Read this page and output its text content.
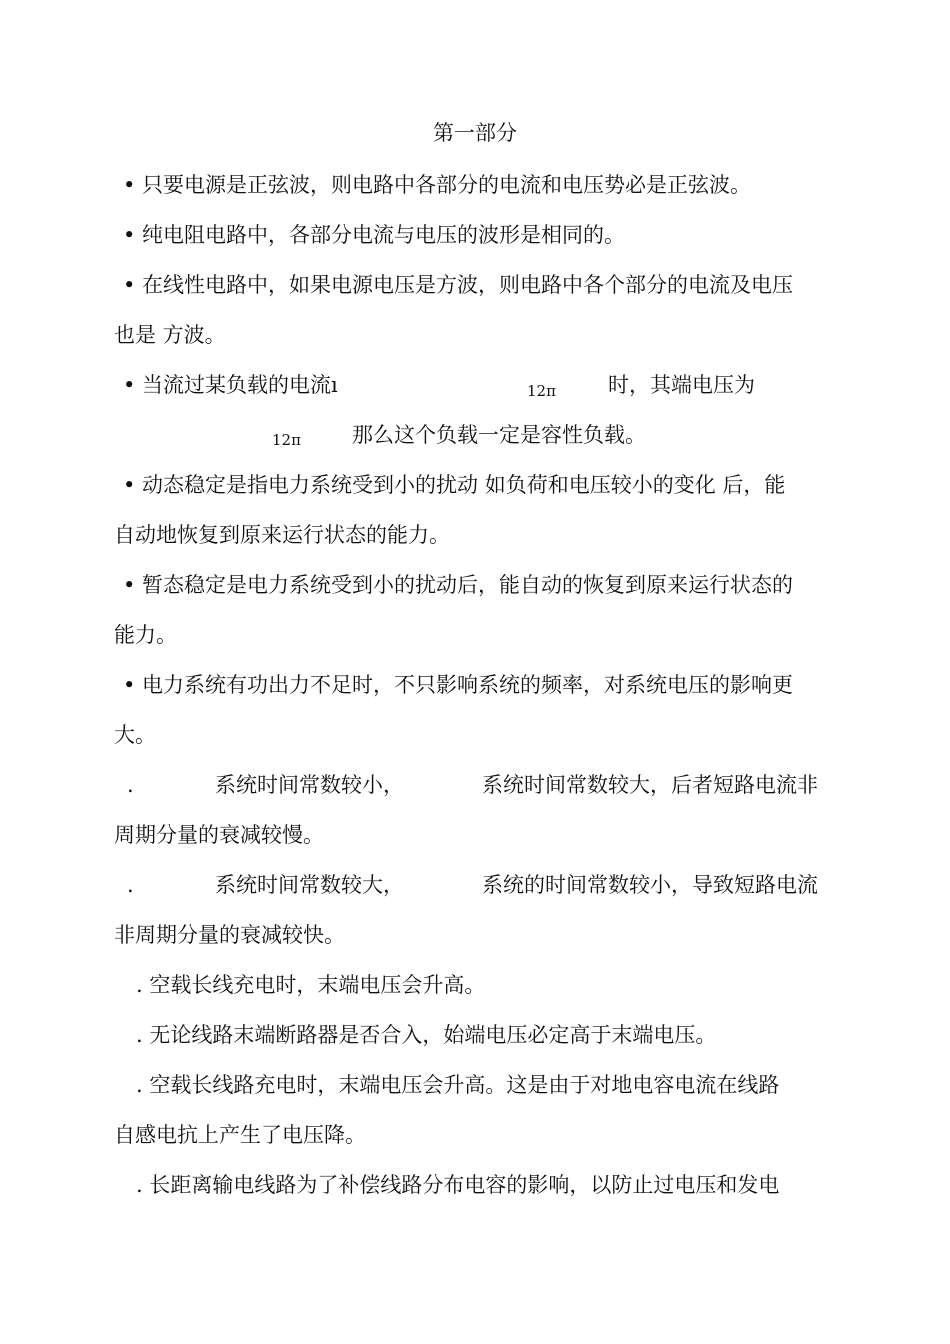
第一部分
• 只要电源是正弦波，则电路中各部分的电流和电压势必是正弦波。
• 纯电阻电路中，各部分电流与电压的波形是相同的。
• 在线性电路中，如果电源电压是方波，则电路中各个部分的电流及电压
也是 方波。
• 当流过某负载的电流ı	12π 时，其端电压为
12π 那么这个负载一定是容性负载。
• 动态稳定是指电力系统受到小的扰动 如负荷和电压较小的变化 后，能
自动地恢复到原来运行状态的能力。
• 暂态稳定是电力系统受到小的扰动后，能自动的恢复到原来运行状态的
能力。
• 电力系统有功出力不足时，不只影响系统的频率，对系统电压的影响更
大。
.	系统时间常数较小，	系统时间常数较大，后者短路电流非
周期分量的衰减较慢。
.	系统时间常数较大，	系统的时间常数较小，导致短路电流
非周期分量的衰减较快。
. 空载长线充电时，末端电压会升高。
. 无论线路末端断路器是否合入，始端电压必定高于末端电压。
. 空载长线路充电时，末端电压会升高。这是由于对地电容电流在线路
自感电抗上产生了电压降。
. 长距离输电线路为了补偿线路分布电容的影响，以防止过电压和发电
